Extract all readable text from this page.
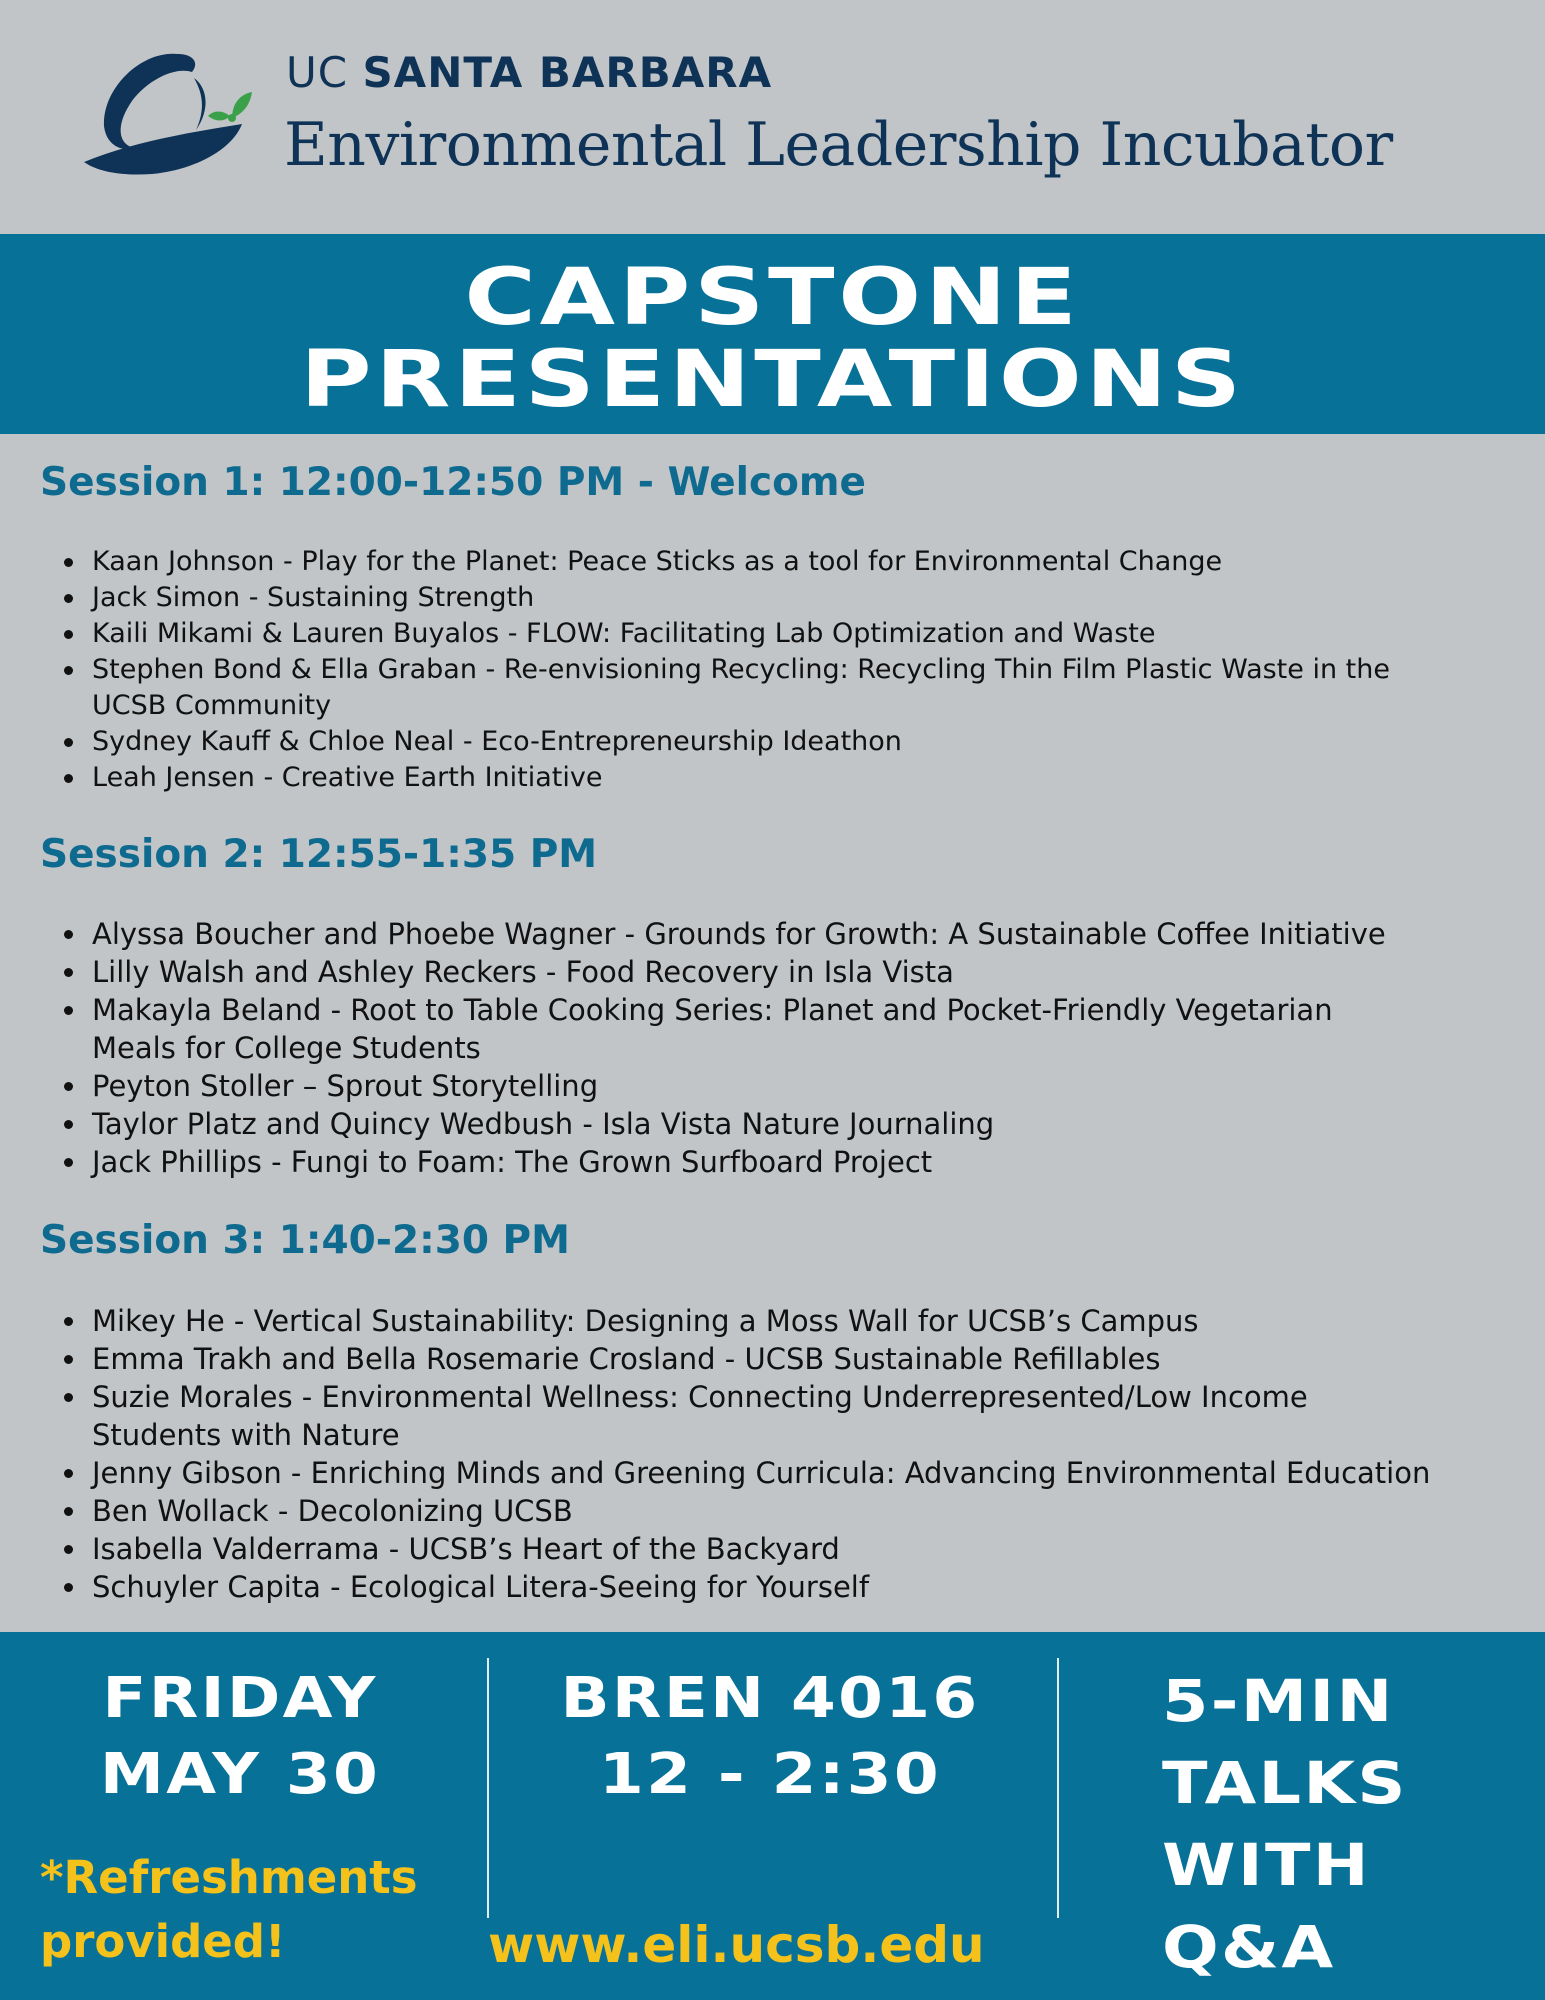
UC SANTA BARBARA
Environmental Leadership Incubator
CAPSTONE
PRESENTATIONS
Session 1: 12:00-12:50 PM - Welcome
Kaan Johnson - Play for the Planet: Peace Sticks as a tool for Environmental Change
Jack Simon - Sustaining Strength
Kaili Mikami & Lauren Buyalos - FLOW: Facilitating Lab Optimization and Waste
Stephen Bond & Ella Graban - Re-envisioning Recycling: Recycling Thin Film Plastic Waste in the
UCSB Community
Sydney Kauff & Chloe Neal - Eco-Entrepreneurship Ideathon
Leah Jensen - Creative Earth Initiative
Session 2: 12:55-1:35 PM
Alyssa Boucher and Phoebe Wagner - Grounds for Growth: A Sustainable Coffee Initiative
Lilly Walsh and Ashley Reckers - Food Recovery in Isla Vista
Makayla Beland - Root to Table Cooking Series: Planet and Pocket-Friendly Vegetarian
Meals for College Students
Peyton Stoller – Sprout Storytelling
Taylor Platz and Quincy Wedbush - Isla Vista Nature Journaling
Jack Phillips - Fungi to Foam: The Grown Surfboard Project
Session 3: 1:40-2:30 PM
Mikey He - Vertical Sustainability: Designing a Moss Wall for UCSB’s Campus
Emma Trakh and Bella Rosemarie Crosland - UCSB Sustainable Refillables
Suzie Morales - Environmental Wellness: Connecting Underrepresented/Low Income
Students with Nature
Jenny Gibson - Enriching Minds and Greening Curricula: Advancing Environmental Education
Ben Wollack - Decolonizing UCSB
Isabella Valderrama - UCSB’s Heart of the Backyard
Schuyler Capita - Ecological Litera-Seeing for Yourself
FRIDAY
MAY 30
BREN 4016
12 - 2:30
5-MIN
TALKS
WITH
Q&A
*Refreshments
provided!	www.eli.ucsb.edu
